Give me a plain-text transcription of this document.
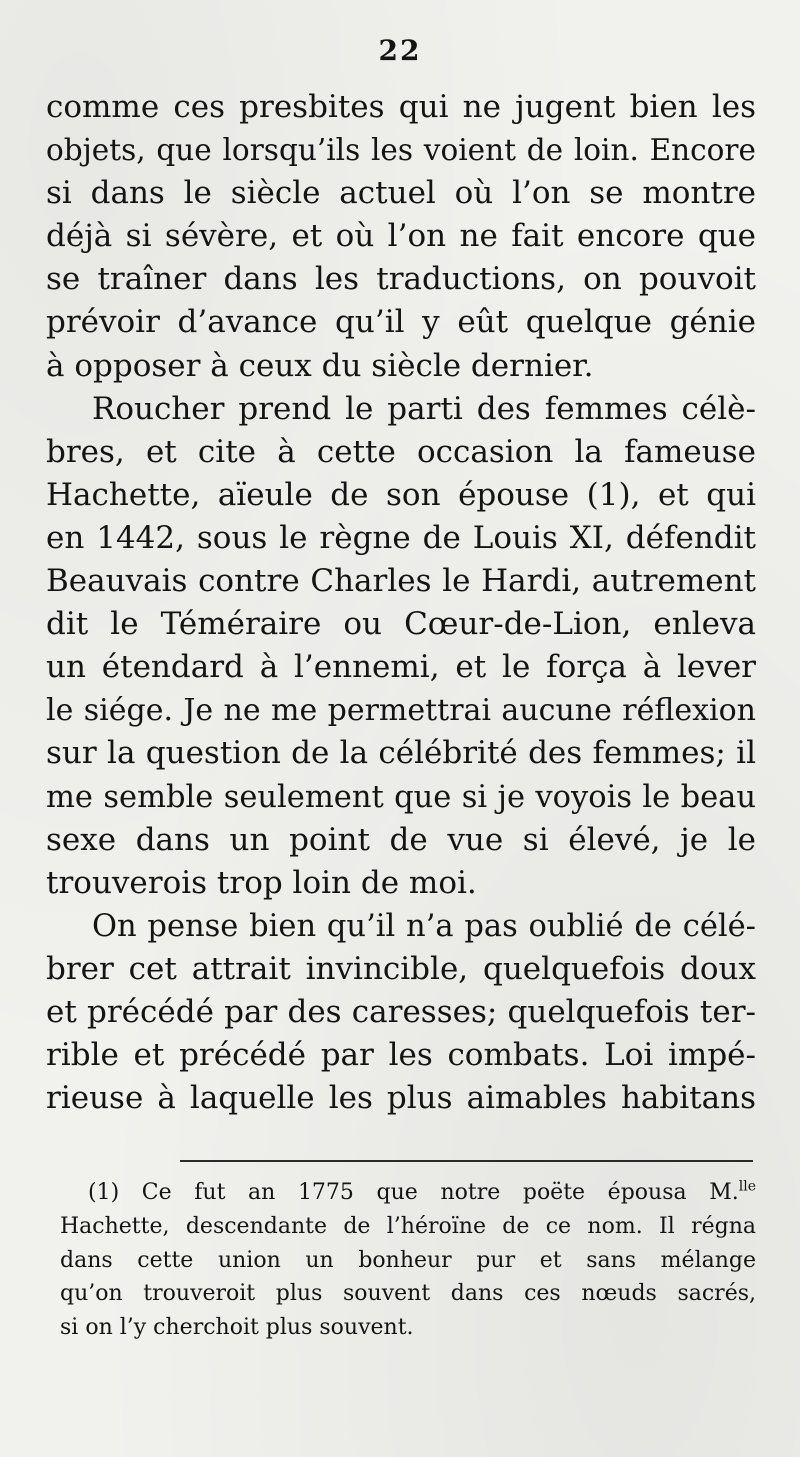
22
comme ces presbites qui ne jugent bien les
objets, que lorsqu’ils les voient de loin. Encore
si dans le siècle actuel où l’on se montre
déjà si sévère, et où l’on ne fait encore que
se traîner dans les traductions, on pouvoit
prévoir d’avance qu’il y eût quelque génie
à opposer à ceux du siècle dernier.
Roucher prend le parti des femmes célè-
bres, et cite à cette occasion la fameuse
Hachette, aïeule de son épouse (1), et qui
en 1442, sous le règne de Louis XI, défendit
Beauvais contre Charles le Hardi, autrement
dit le Téméraire ou Cœur-de-Lion, enleva
un étendard à l’ennemi, et le força à lever
le siége. Je ne me permettrai aucune réflexion
sur la question de la célébrité des femmes; il
me semble seulement que si je voyois le beau
sexe dans un point de vue si élevé, je le
trouverois trop loin de moi.
On pense bien qu’il n’a pas oublié de célé-
brer cet attrait invincible, quelquefois doux
et précédé par des caresses; quelquefois ter-
rible et précédé par les combats. Loi impé-
rieuse à laquelle les plus aimables habitans
(1) Ce fut an 1775 que notre poëte épousa M.$^{lle}$
Hachette, descendante de l’héroïne de ce nom. Il régna
dans cette union un bonheur pur et sans mélange
qu’on trouveroit plus souvent dans ces nœuds sacrés,
si on l’y cherchoit plus souvent.
